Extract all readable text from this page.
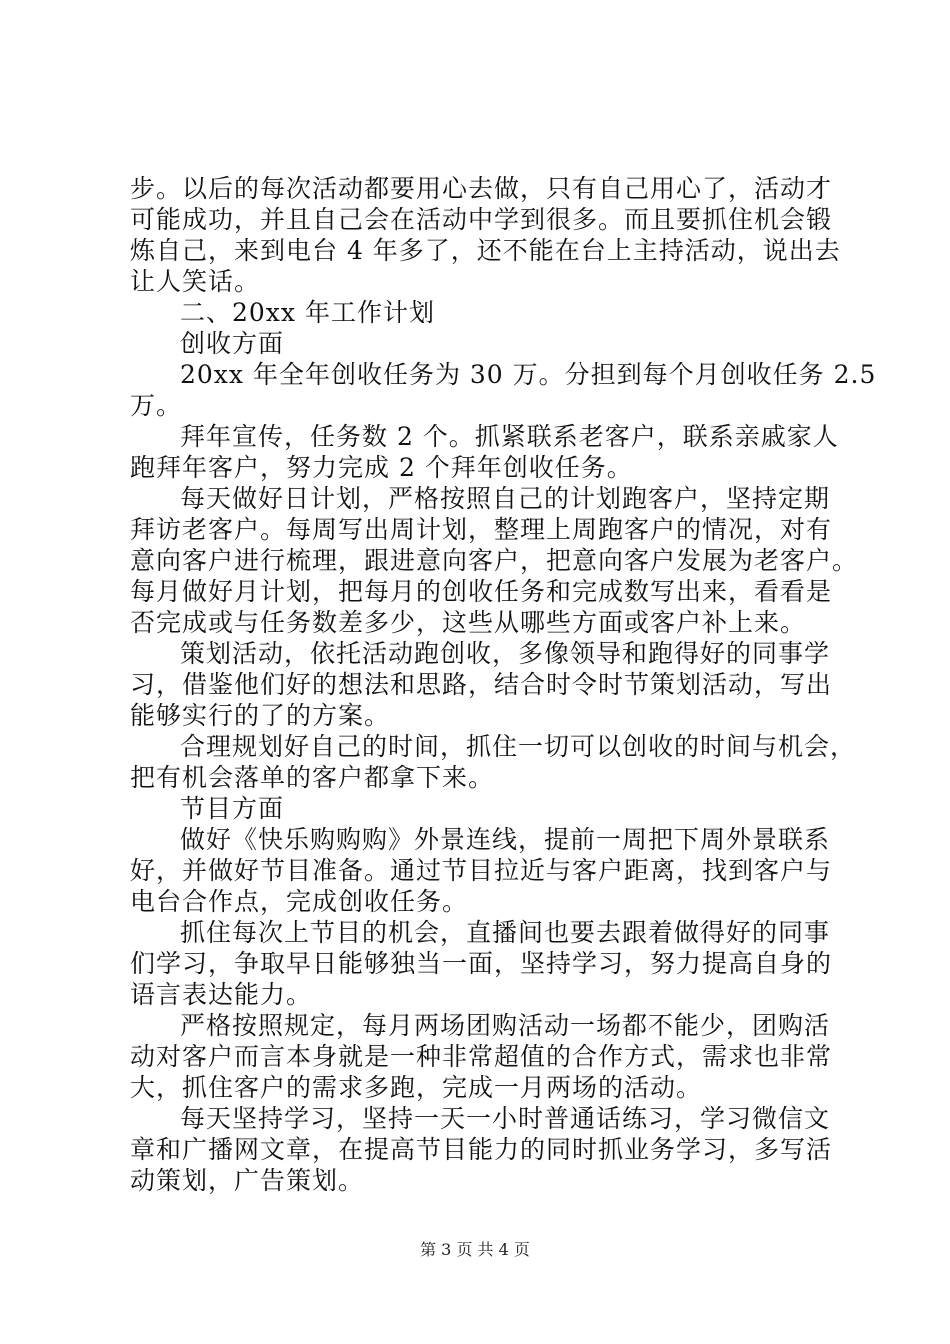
步。以后的每次活动都要用心去做，只有自己用心了，活动才
可能成功，并且自己会在活动中学到很多。而且要抓住机会锻
炼自己，来到电台 4 年多了，还不能在台上主持活动，说出去
让人笑话。
二、20xx 年工作计划
创收方面
20xx 年全年创收任务为 30 万。分担到每个月创收任务 2.5
万。
拜年宣传，任务数 2 个。抓紧联系老客户，联系亲戚家人
跑拜年客户，努力完成 2 个拜年创收任务。
每天做好日计划，严格按照自己的计划跑客户，坚持定期
拜访老客户。每周写出周计划，整理上周跑客户的情况，对有
意向客户进行梳理，跟进意向客户，把意向客户发展为老客户。
每月做好月计划，把每月的创收任务和完成数写出来，看看是
否完成或与任务数差多少，这些从哪些方面或客户补上来。
策划活动，依托活动跑创收，多像领导和跑得好的同事学
习，借鉴他们好的想法和思路，结合时令时节策划活动，写出
能够实行的了的方案。
合理规划好自己的时间，抓住一切可以创收的时间与机会，
把有机会落单的客户都拿下来。
节目方面
做好《快乐购购购》外景连线，提前一周把下周外景联系
好，并做好节目准备。通过节目拉近与客户距离，找到客户与
电台合作点，完成创收任务。
抓住每次上节目的机会，直播间也要去跟着做得好的同事
们学习，争取早日能够独当一面，坚持学习，努力提高自身的
语言表达能力。
严格按照规定，每月两场团购活动一场都不能少，团购活
动对客户而言本身就是一种非常超值的合作方式，需求也非常
大，抓住客户的需求多跑，完成一月两场的活动。
每天坚持学习，坚持一天一小时普通话练习，学习微信文
章和广播网文章，在提高节目能力的同时抓业务学习，多写活
动策划，广告策划。
第 3 页 共 4 页
